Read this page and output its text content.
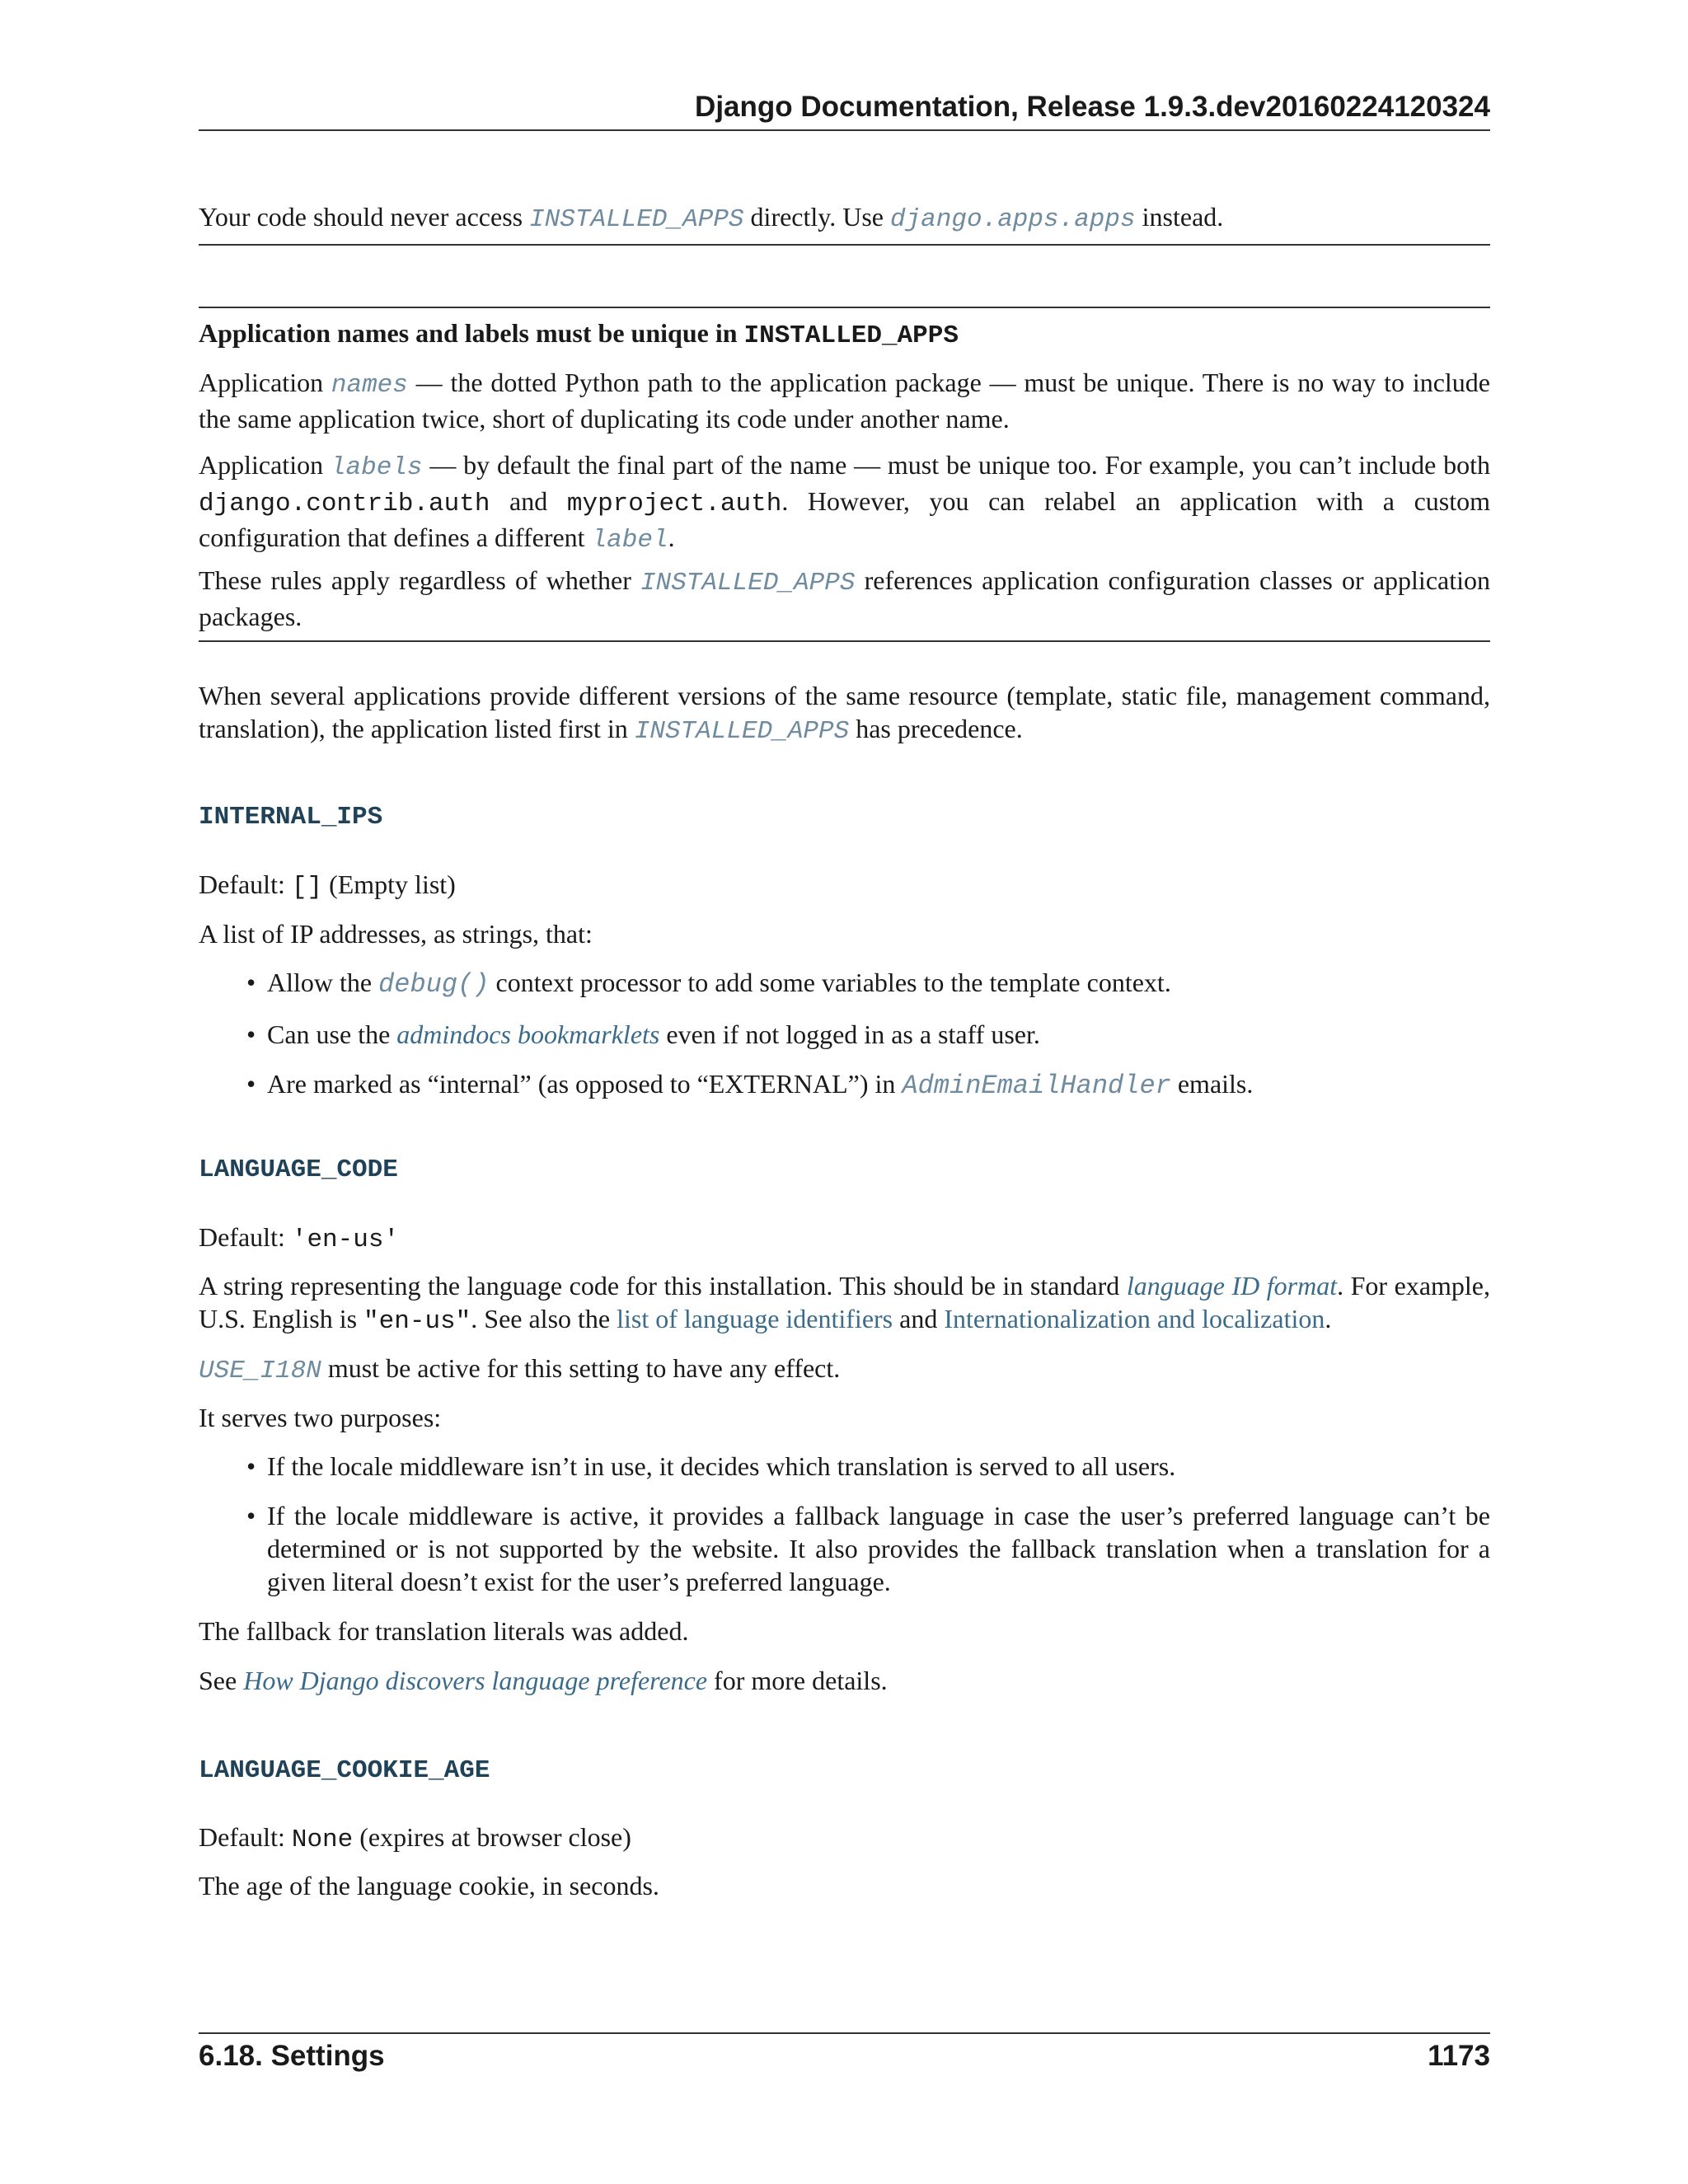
Django Documentation, Release 1.9.3.dev20160224120324

Your code should never access INSTALLED_APPS directly. Use django.apps.apps instead.

Application names and labels must be unique in INSTALLED_APPS

Application names — the dotted Python path to the application package — must be unique. There is no way to include the same application twice, short of duplicating its code under another name.

Application labels — by default the final part of the name — must be unique too. For example, you can’t include both django.contrib.auth and myproject.auth. However, you can relabel an application with a custom configuration that defines a different label.

These rules apply regardless of whether INSTALLED_APPS references application configuration classes or application packages.

When several applications provide different versions of the same resource (template, static file, management command, translation), the application listed first in INSTALLED_APPS has precedence.

INTERNAL_IPS

Default: [] (Empty list)

A list of IP addresses, as strings, that:

• Allow the debug() context processor to add some variables to the template context.
• Can use the admindocs bookmarklets even if not logged in as a staff user.
• Are marked as “internal” (as opposed to “EXTERNAL”) in AdminEmailHandler emails.
LANGUAGE_CODE

Default: 'en-us'

A string representing the language code for this installation. This should be in standard language ID format. For example, U.S. English is "en-us". See also the list of language identifiers and Internationalization and localization.

USE_I18N must be active for this setting to have any effect.

It serves two purposes:

• If the locale middleware isn’t in use, it decides which translation is served to all users.
• If the locale middleware is active, it provides a fallback language in case the user’s preferred language can’t be determined or is not supported by the website. It also provides the fallback translation when a translation for a given literal doesn’t exist for the user’s preferred language.

The fallback for translation literals was added.

See How Django discovers language preference for more details.

LANGUAGE_COOKIE_AGE

Default: None (expires at browser close)

The age of the language cookie, in seconds.

6.18. Settings	1173
